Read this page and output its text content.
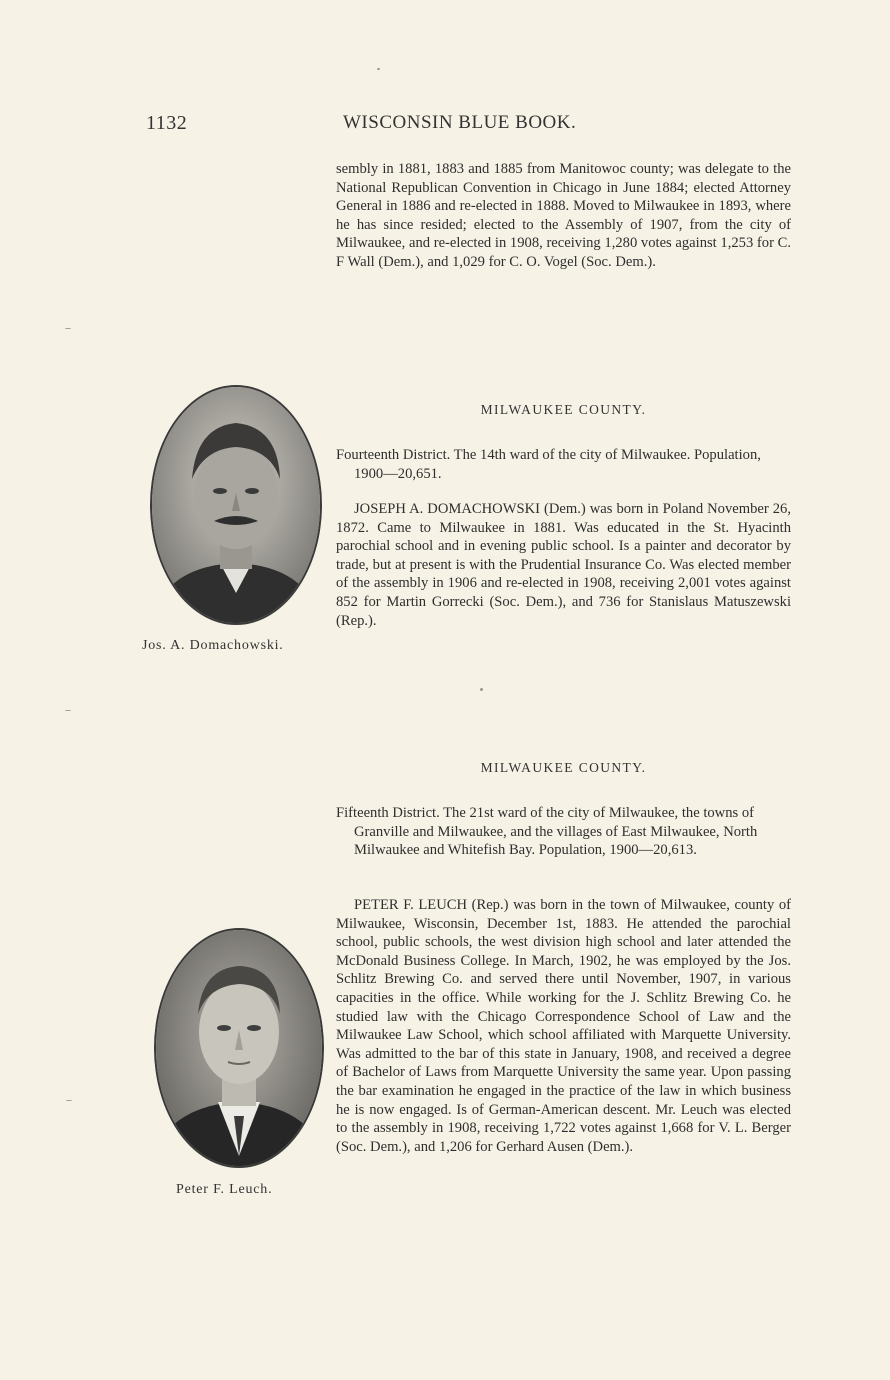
1132	WISCONSIN BLUE BOOK.

sembly in 1881, 1883 and 1885 from Manitowoc county; was delegate to the National Republican Convention in Chicago in June 1884; elected Attorney General in 1886 and re-elected in 1888. Moved to Milwaukee in 1893, where he has since resided; elected to the Assembly of 1907, from the city of Milwaukee, and re-elected in 1908, receiving 1,280 votes against 1,253 for C. F Wall (Dem.), and 1,029 for C. O. Vogel (Soc. Dem.).

Jos. A. Domachowski.
MILWAUKEE COUNTY.

Fourteenth District. The 14th ward of the city of Milwaukee. Population, 1900—20,651.

JOSEPH A. DOMACHOWSKI (Dem.) was born in Poland November 26, 1872. Came to Milwaukee in 1881. Was educated in the St. Hyacinth parochial school and in evening public school. Is a painter and decorator by trade, but at present is with the Prudential Insurance Co. Was elected member of the assembly in 1906 and re-elected in 1908, receiving 2,001 votes against 852 for Martin Gorrecki (Soc. Dem.), and 736 for Stanislaus Matuszewski (Rep.).

MILWAUKEE COUNTY.

Fifteenth District. The 21st ward of the city of Milwaukee, the towns of Granville and Milwaukee, and the villages of East Milwaukee, North Milwaukee and Whitefish Bay. Population, 1900—20,613.

PETER F. LEUCH (Rep.) was born in the town of Milwaukee, county of Milwaukee, Wisconsin, December 1st, 1883. He attended the parochial school, public schools, the west division high school and later attended the McDonald Business College. In March, 1902, he was employed by the Jos. Schlitz Brewing Co. and served there until November, 1907, in various capacities in the office. While working for the J. Schlitz Brewing Co. he studied law with the Chicago Correspondence School of Law and the Milwaukee Law School, which school affiliated with Marquette University. Was admitted to the bar of this state in January, 1908, and received a degree of Bachelor of Laws from Marquette University the same year. Upon passing the bar examination he engaged in the practice of the law in which business he is now engaged. Is of German-American descent. Mr. Leuch was elected to the assembly in 1908, receiving 1,722 votes against 1,668 for V. L. Berger (Soc. Dem.), and 1,206 for Gerhard Ausen (Dem.).

Peter F. Leuch.
